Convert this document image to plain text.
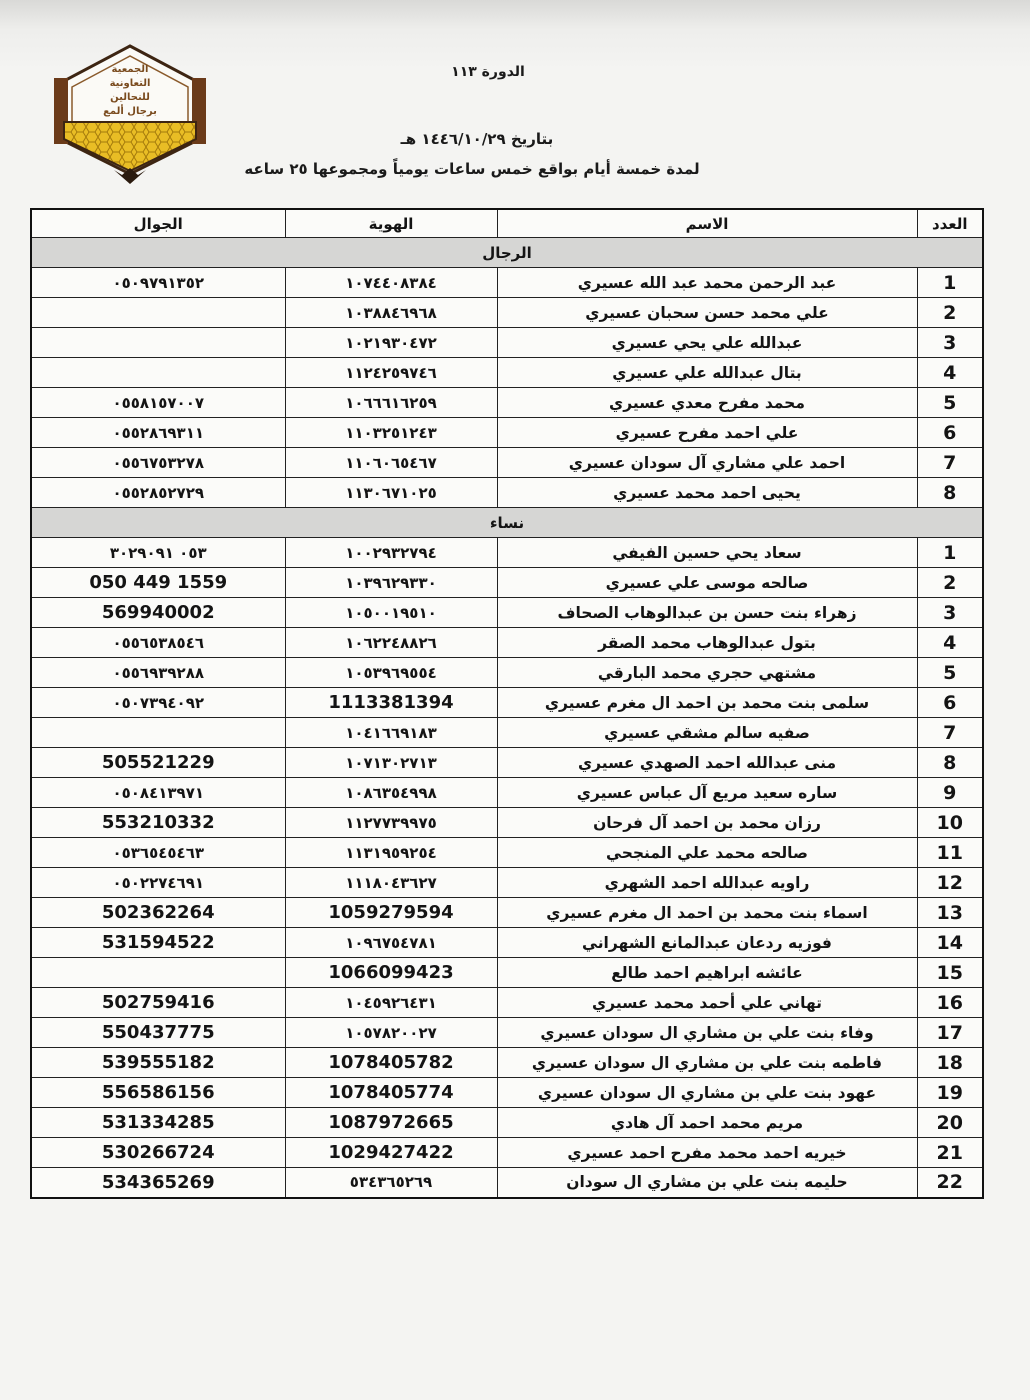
الجمعية
التعاونية
للنحالين
برجال ألمع
الدورة ١١٣
بتاريخ ١٤٤٦/١٠/٢٩ هـ
لمدة خمسة أيام بواقع خمس ساعات يومياً ومجموعها ٢٥ ساعه
العدد	الاسم	الهوية	الجوال
الرجال			
1	عبد الرحمن محمد عبد الله عسيري	١٠٧٤٤٠٨٣٨٤	٠٥٠٩٧٩١٣٥٢
2	علي محمد حسن سحبان عسيري	١٠٣٨٨٤٦٩٦٨	
3	عبدالله علي يحي عسيري	١٠٢١٩٣٠٤٧٢	
4	بتال عبدالله علي عسيري	١١٢٤٢٥٩٧٤٦	
5	محمد مفرح معدي عسيري	١٠٦٦٦١٦٢٥٩	٠٥٥٨١٥٧٠٠٧
6	علي احمد مفرح عسيري	١١٠٣٢٥١٢٤٣	٠٥٥٢٨٦٩٣١١
7	احمد علي مشاري آل سودان عسيري	١١٠٦٠٦٥٤٦٧	٠٥٥٦٧٥٣٢٧٨
8	يحيى احمد محمد عسيري	١١٣٠٦٧١٠٢٥	٠٥٥٢٨٥٢٧٢٩
نساء			
1	سعاد يحي حسين الفيفي	١٠٠٢٩٣٢٧٩٤	٠٥٣ ٣٠٢٩٠٩١
2	صالحه موسى علي عسيري	١٠٣٩٦٢٩٣٣٠	050 449 1559
3	زهراء بنت حسن بن عبدالوهاب الصحاف	١٠٥٠٠١٩٥١٠	569940002
4	بتول عبدالوهاب محمد الصقر	١٠٦٢٢٤٨٨٢٦	٠٥٥٦٥٣٨٥٤٦
5	مشتهي حجري محمد البارقي	١٠٥٣٩٦٩٥٥٤	٠٥٥٦٩٣٩٢٨٨
6	سلمى بنت محمد بن احمد ال مغرم عسيري	1113381394	٠٥٠٧٣٩٤٠٩٢
7	صفيه سالم مشقي عسيري	١٠٤١٦٦٩١٨٣	
8	منى عبدالله احمد الصهدي عسيري	١٠٧١٣٠٢٧١٣	505521229
9	ساره سعيد مريع آل عباس عسيري	١٠٨٦٣٥٤٩٩٨	٠٥٠٨٤١٣٩٧١
10	رزان محمد بن احمد آل فرحان	١١٢٧٧٣٩٩٧٥	553210332
11	صالحه محمد علي المنجحي	١١٣١٩٥٩٢٥٤	٠٥٣٦٥٤٥٤٦٣
12	راويه عبدالله احمد الشهري	١١١٨٠٤٣٦٢٧	٠٥٠٢٢٧٤٦٩١
13	اسماء بنت محمد بن احمد ال مغرم عسيري	1059279594	502362264
14	فوزيه ردعان عبدالمانع الشهراني	١٠٩٦٧٥٤٧٨١	531594522
15	عائشه ابراهيم احمد طالع	1066099423	
16	تهاني علي أحمد محمد عسيري	١٠٤٥٩٢٦٤٣١	502759416
17	وفاء بنت علي بن مشاري ال سودان عسيري	١٠٥٧٨٢٠٠٢٧	550437775
18	فاطمه بنت علي بن مشاري ال سودان عسيري	1078405782	539555182
19	عهود بنت علي بن مشاري ال سودان عسيري	1078405774	556586156
20	مريم محمد احمد آل هادي	1087972665	531334285
21	خيريه احمد محمد مفرح احمد عسيري	1029427422	530266724
22	حليمه بنت علي بن مشاري ال سودان	٥٣٤٣٦٥٢٦٩	534365269
